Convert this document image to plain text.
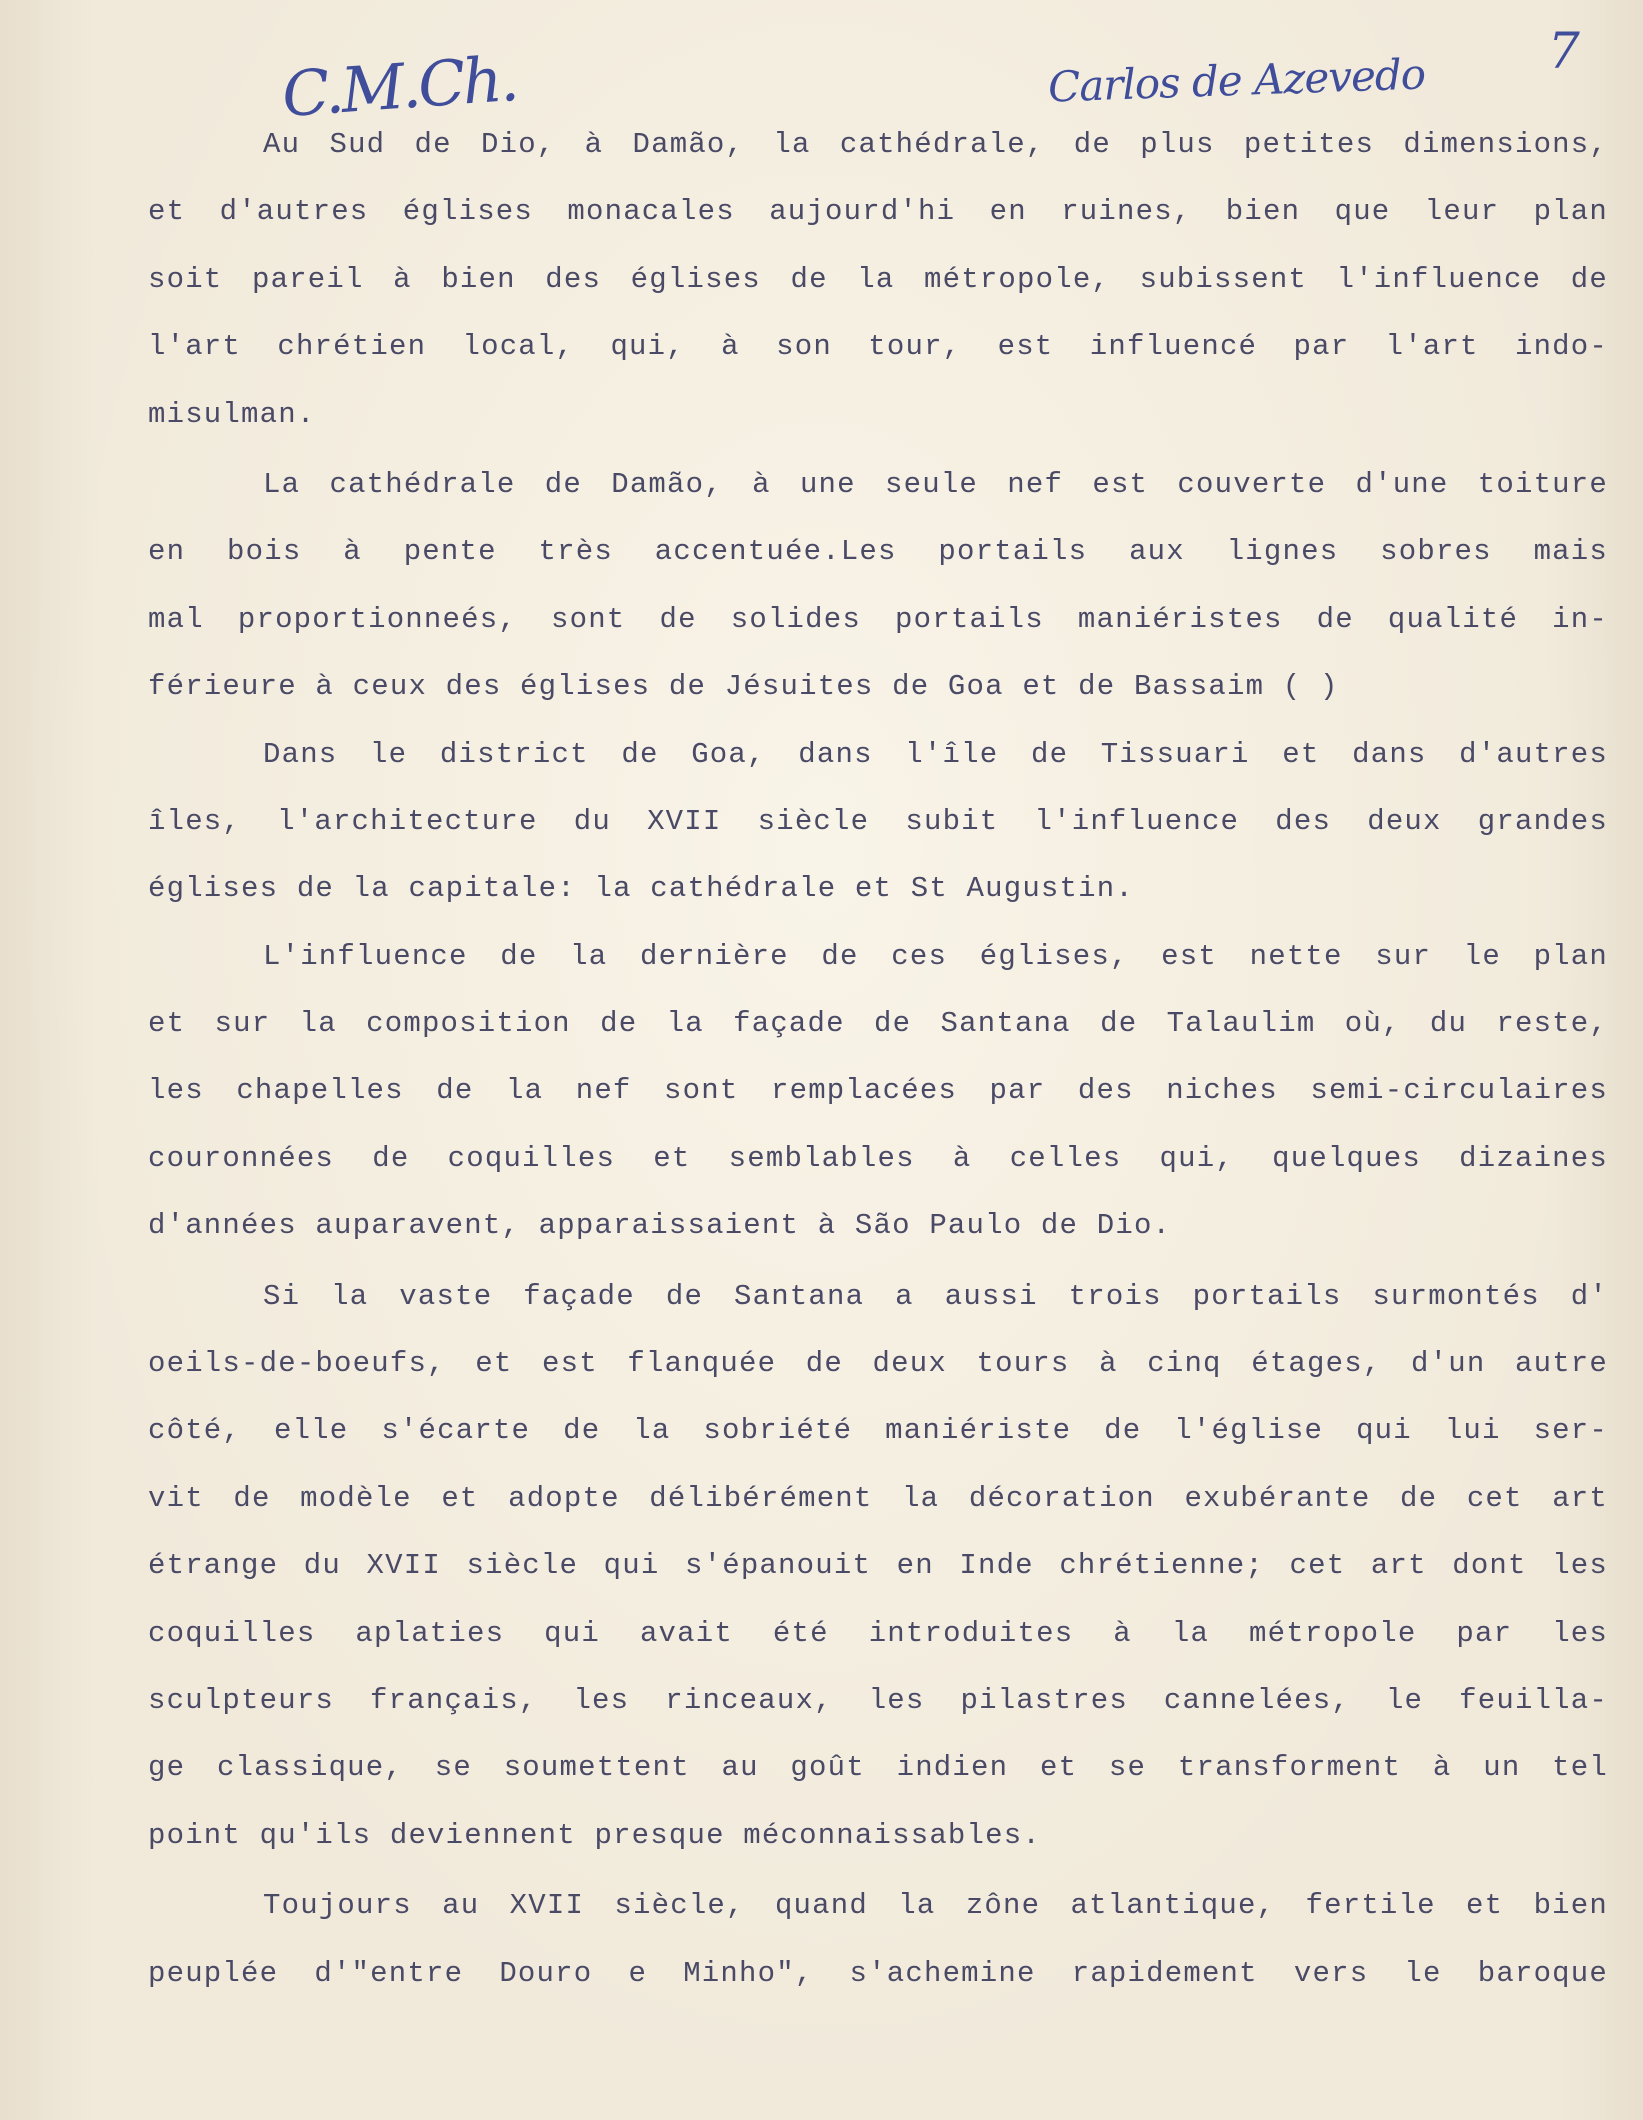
C.M.Ch.	Carlos de Azevedo 7
Au Sud de Dio, à Damão, la cathédrale, de plus petites dimensions,
et d'autres églises monacales aujourd'hi en ruines, bien que leur plan
soit pareil à bien des églises de la métropole, subissent l'influence de
l'art chrétien local, qui, à son tour, est influencé par l'art indo-
misulman.
La cathédrale de Damão, à une seule nef est couverte d'une toiture
en bois à pente très accentuée.Les portails aux lignes sobres mais
mal proportionneés, sont de solides portails maniéristes de qualité in-
férieure à ceux des églises de Jésuites de Goa et de Bassaim ( )
Dans le district de Goa, dans l'île de Tissuari et dans d'autres
îles, l'architecture du XVII siècle subit l'influence des deux grandes
églises de la capitale: la cathédrale et St Augustin.
L'influence de la dernière de ces églises, est nette sur le plan
et sur la composition de la façade de Santana de Talaulim où, du reste,
les chapelles de la nef sont remplacées par des niches semi-circulaires
couronnées de coquilles et semblables à celles qui, quelques dizaines
d'années auparavent, apparaissaient à São Paulo de Dio.
Si la vaste façade de Santana a aussi trois portails surmontés d'
oeils-de-boeufs, et est flanquée de deux tours à cinq étages, d'un autre
côté, elle s'écarte de la sobriété maniériste de l'église qui lui ser-
vit de modèle et adopte délibérément la décoration exubérante de cet art
étrange du XVII siècle qui s'épanouit en Inde chrétienne; cet art dont les
coquilles aplaties qui avait été introduites à la métropole par les
sculpteurs français, les rinceaux, les pilastres cannelées, le feuilla-
ge classique, se soumettent au goût indien et se transforment à un tel
point qu'ils deviennent presque méconnaissables.
Toujours au XVII siècle, quand la zône atlantique, fertile et bien
peuplée d'"entre Douro e Minho", s'achemine rapidement vers le baroque
